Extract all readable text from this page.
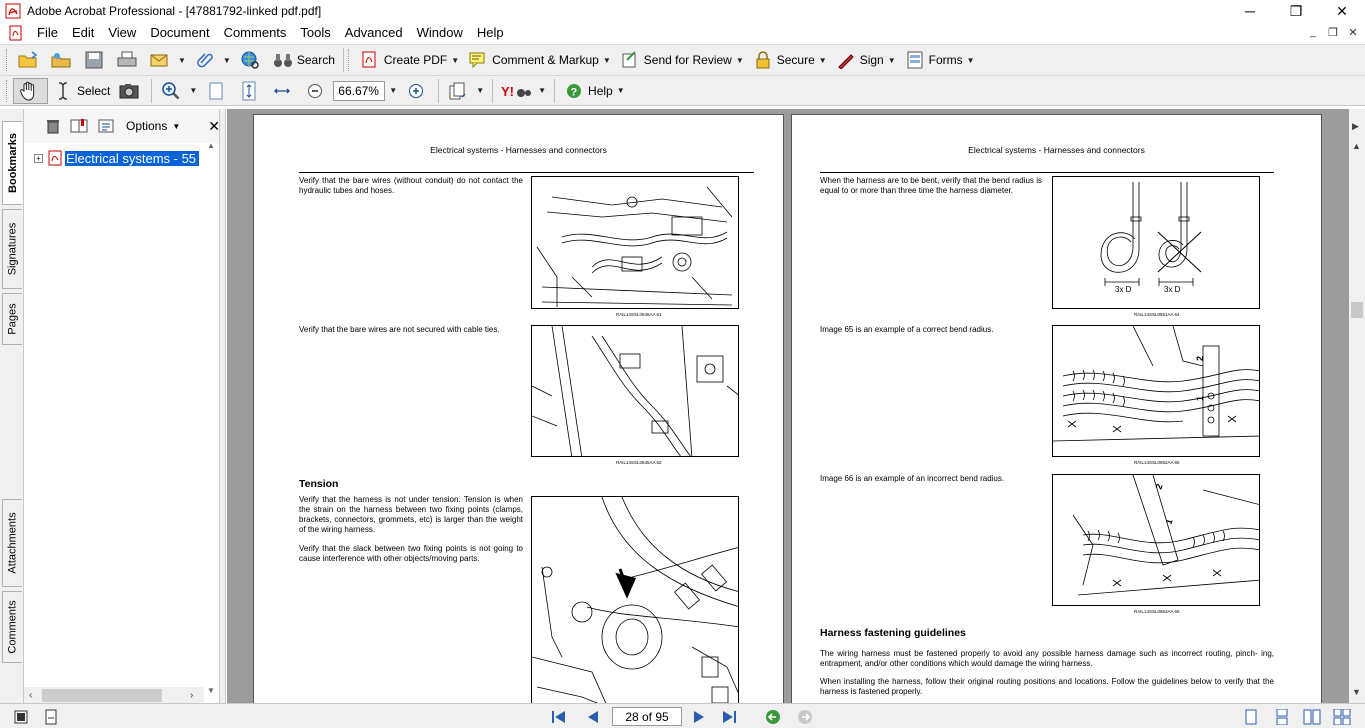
Adobe Acrobat Professional - [47881792-linked pdf.pdf]	─	❐	✕
File	Edit	View	Document	Comments	Tools	Advanced	Window	Help	_	❐ ✕
▼	▼	Search	Create PDF ▼	Comment & Markup ▼	Send for Review ▼	Secure ▼	Sign ▼	Forms ▼
Select	▼	66.67%	▼	▼ Y!	▼ ? Help ▼
Bookmarks
Signatures
Pages
Attachments
Comments
Options ▼ ✕
+ Electrical systems - 55
▲
▼
‹	›
Electrical systems - Harnesses and connectors
Verify that the bare wires (without conduit) do not contact the hydraulic tubes and hoses.
RAIL14SSL0646AA 61
Verify that the bare wires are not secured with cable ties.
RAIL14SSL0645AA 62
Tension
Verify that the harness is not under tension. Tension is when the strain on the harness between two fixing points (clamps, brackets, connectors, grommets, etc) is larger than the weight of the wiring harness.
Verify that the slack between two fixing points is not going to cause interference with other objects/moving parts.
Electrical systems - Harnesses and connectors
When the harness are to be bent, verify that the bend radius is equal to or more than three time the harness diameter.
3x D	3x D
RAIL14SSL0651AA 64
Image 65 is an example of a correct bend radius.
2
1
RAIL14SSL0652AA 65
Image 66 is an example of an incorrect bend radius.
2
1
RAIL14SSL0653AA 66
Harness fastening guidelines
The wiring harness must be fastened properly to avoid any possible harness damage such as incorrect routing, pinch- ing, entrapment, and/or other conditions which would damage the wiring harness.
When installing the harness, follow their original routing positions and locations. Follow the guidelines below to verify that the harness is fastened properly.
▶
▲
▼
28 of 95
